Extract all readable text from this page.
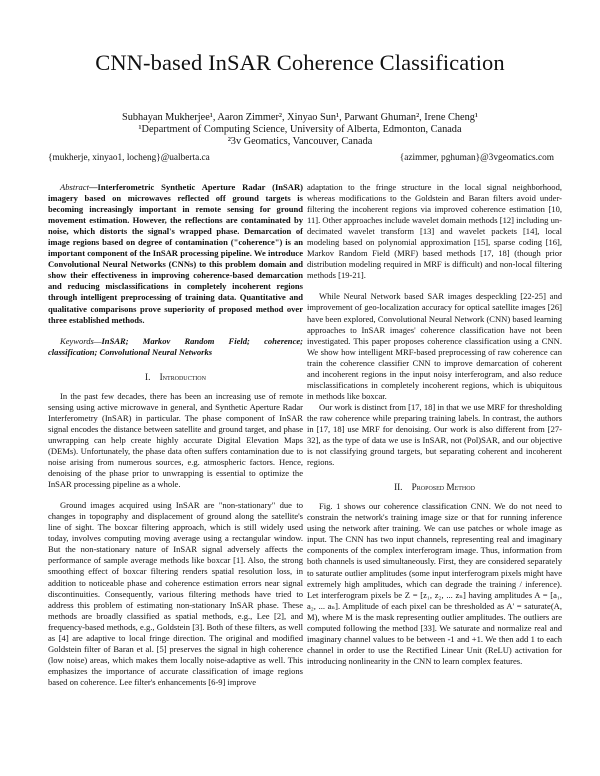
CNN-based InSAR Coherence Classification
Subhayan Mukherjee¹, Aaron Zimmer², Xinyao Sun¹, Parwant Ghuman², Irene Cheng¹
¹Department of Computing Science, University of Alberta, Edmonton, Canada
²3v Geomatics, Vancouver, Canada
{mukherje, xinyao1, locheng}@ualberta.ca	{azimmer, pghuman}@3vgeomatics.com

Abstract—Interferometric Synthetic Aperture Radar (InSAR) imagery based on microwaves reflected off ground targets is becoming increasingly important in remote sensing for ground movement estimation. However, the reflections are contaminated by noise, which distorts the signal's wrapped phase. Demarcation of image regions based on degree of contamination ("coherence") is an important component of the InSAR processing pipeline. We introduce Convolutional Neural Networks (CNNs) to this problem domain and show their effectiveness in improving coherence-based demarcation and reducing misclassifications in completely incoherent regions through intelligent preprocessing of training data. Quantitative and qualitative comparisons prove superiority of proposed method over three established methods.

Keywords—InSAR; Markov Random Field; coherence; classification; Convolutional Neural Networks

I. Introduction

In the past few decades, there has been an increasing use of remote sensing using active microwave in general, and Synthetic Aperture Radar Interferometry (InSAR) in particular. The phase component of InSAR signal encodes the distance between satellite and ground target, and phase unwrapping can help create highly accurate Digital Elevation Maps (DEMs). Unfortunately, the phase data often suffers contamination due to noise arising from numerous sources, e.g. atmospheric factors. Hence, denoising of the phase prior to unwrapping is essential to optimize the InSAR processing pipeline as a whole.

Ground images acquired using InSAR are "non-stationary" due to changes in topography and displacement of ground along the satellite's line of sight. The boxcar filtering approach, which is still widely used today, involves computing moving average using a rectangular window. But the non-stationary nature of InSAR signal adversely affects the performance of sample average methods like boxcar [1]. Also, the strong smoothing effect of boxcar filtering renders spatial resolution loss, in addition to noticeable phase and coherence estimation errors near signal discontinuities. Consequently, various filtering methods have tried to address this problem of estimating non-stationary InSAR phase. These methods are broadly classified as spatial methods, e.g., Lee [2], and frequency-based methods, e.g., Goldstein [3]. Both of these filters, as well as [4] are adaptive to local fringe direction. The original and modified Goldstein filter of Baran et al. [5] preserves the signal in high coherence (low noise) areas, which makes them locally noise-adaptive as well. This emphasizes the importance of accurate classification of image regions based on coherence. Lee filter's enhancements [6-9] improve

adaptation to the fringe structure in the local signal neighborhood, whereas modifications to the Goldstein and Baran filters avoid under-filtering the incoherent regions via improved coherence estimation [10, 11]. Other approaches include wavelet domain methods [12] including un-decimated wavelet transform [13] and wavelet packets [14], local modeling based on polynomial approximation [15], sparse coding [16], Markov Random Field (MRF) based methods [17, 18] (though prior distribution modeling required in MRF is difficult) and non-local filtering methods [19-21].

While Neural Network based SAR images despeckling [22-25] and improvement of geo-localization accuracy for optical satellite images [26] have been explored, Convolutional Neural Network (CNN) based learning approaches to InSAR images' coherence classification have not been investigated. This paper proposes coherence classification using a CNN. We show how intelligent MRF-based preprocessing of raw coherence can train the coherence classifier CNN to improve demarcation of coherent and incoherent regions in the input noisy interferogram, and also reduce misclassifications in completely incoherent regions, which is ubiquitous in methods like boxcar.

Our work is distinct from [17, 18] in that we use MRF for thresholding the raw coherence while preparing training labels. In contrast, the authors in [17, 18] use MRF for denoising. Our work is also different from [27-32], as the type of data we use is InSAR, not (Pol)SAR, and our objective is not classifying ground targets, but separating coherent and incoherent regions.

II. Proposed Method

Fig. 1 shows our coherence classification CNN. We do not need to constrain the network's training image size or that for running inference using the network after training. We can use patches or whole image as input. The CNN has two input channels, representing real and imaginary components of the complex interferogram image. Thus, information from both channels is used simultaneously. First, they are considered separately to saturate outlier amplitudes (some input interferogram pixels might have extremely high amplitudes, which can degrade the training / inference). Let interferogram pixels be Z = [z₁, z₂, ... zₙ] having amplitudes A = [a₁, a₂, ... aₙ]. Amplitude of each pixel can be thresholded as A' = saturate(A, M), where M is the mask representing outlier amplitudes. The outliers are computed following the method [33]. We saturate and normalize real and imaginary channel values to be between -1 and +1. We then add 1 to each channel in order to use the Rectified Linear Unit (ReLU) activation for introducing nonlinearity in the CNN to learn complex features.
